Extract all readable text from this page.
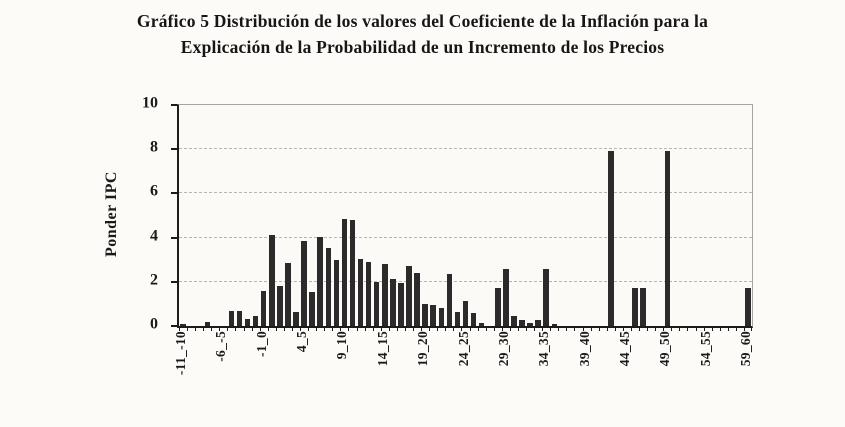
Gráfico 5 Distribución de los valores del Coeficiente de la Inflación para la
Explicación de la Probabilidad de un Incremento de los Precios
Ponder IPC
0
2
4
6
8
10
-11_-10 -6_-5 -1_0 4_5 9_10 14_15 19_20 24_25 29_30 34_35 39_40 44_45 49_50 54_55 59_60
